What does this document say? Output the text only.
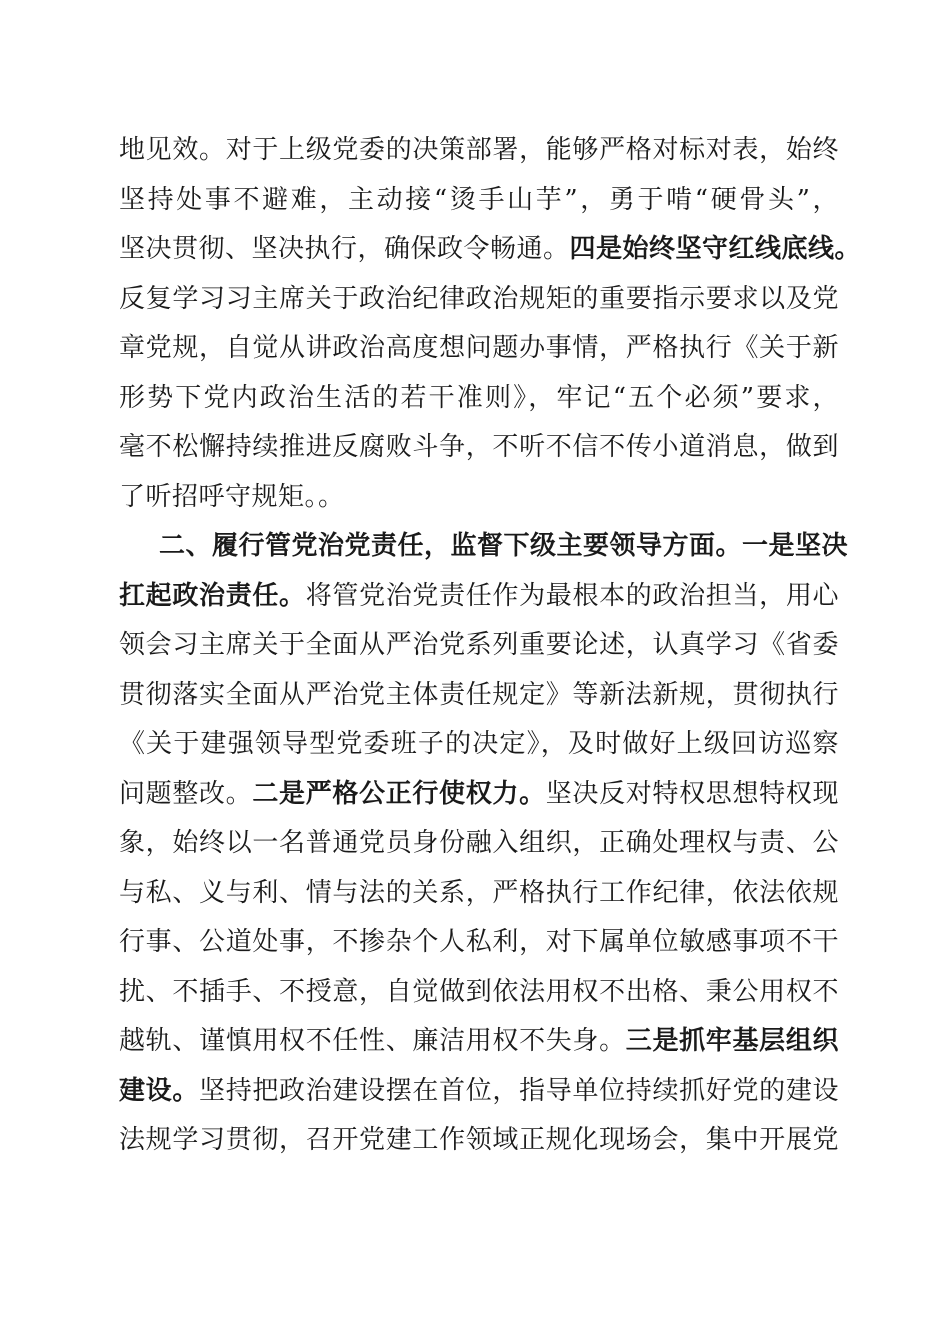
地见效。对于上级党委的决策部署，能够严格对标对表，始终
坚持处事不避难，主动接“烫手山芋”，勇于啃“硬骨头”，
坚决贯彻、坚决执行，确保政令畅通。四是始终坚守红线底线。
反复学习习主席关于政治纪律政治规矩的重要指示要求以及党
章党规，自觉从讲政治高度想问题办事情，严格执行《关于新
形势下党内政治生活的若干准则》，牢记“五个必须”要求，
毫不松懈持续推进反腐败斗争，不听不信不传小道消息，做到
了听招呼守规矩。。
二、履行管党治党责任，监督下级主要领导方面。一是坚决
扛起政治责任。将管党治党责任作为最根本的政治担当，用心
领会习主席关于全面从严治党系列重要论述，认真学习《省委
贯彻落实全面从严治党主体责任规定》等新法新规，贯彻执行
《关于建强领导型党委班子的决定》，及时做好上级回访巡察
问题整改。二是严格公正行使权力。坚决反对特权思想特权现
象，始终以一名普通党员身份融入组织，正确处理权与责、公
与私、义与利、情与法的关系，严格执行工作纪律，依法依规
行事、公道处事，不掺杂个人私利，对下属单位敏感事项不干
扰、不插手、不授意，自觉做到依法用权不出格、秉公用权不
越轨、谨慎用权不任性、廉洁用权不失身。三是抓牢基层组织
建设。坚持把政治建设摆在首位，指导单位持续抓好党的建设
法规学习贯彻，召开党建工作领域正规化现场会，集中开展党
